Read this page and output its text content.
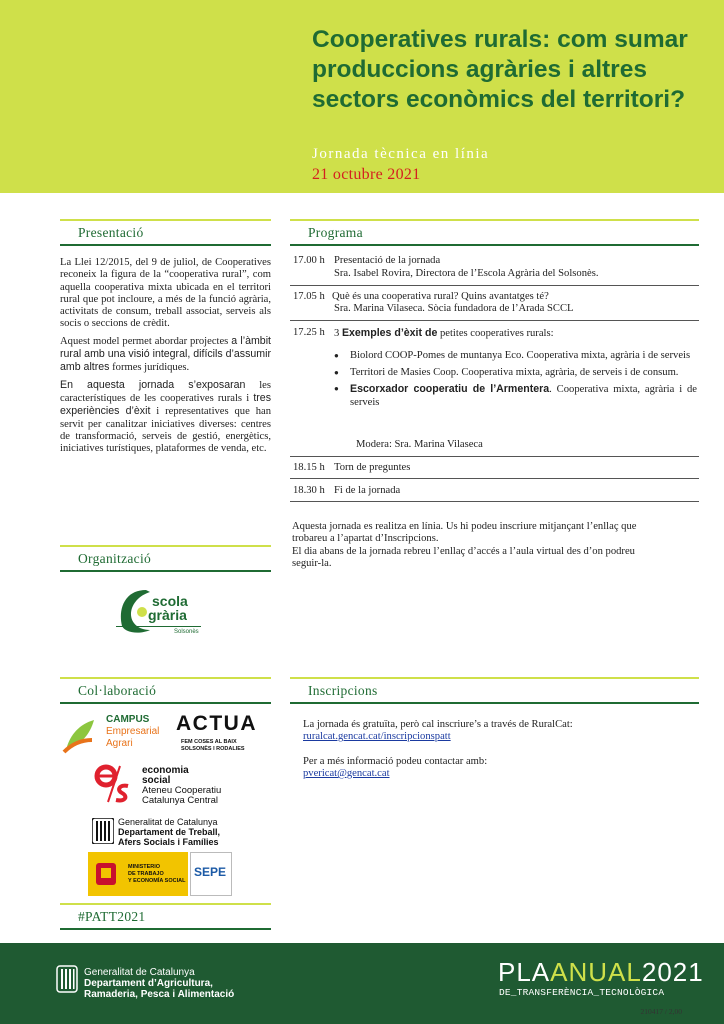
Cooperatives rurals: com sumar produccions agràries i altres sectors econòmics del territori?
Jornada tècnica en línia
21 octubre 2021
Presentació

La Llei 12/2015, del 9 de juliol, de Cooperatives reconeix la figura de la “cooperativa rural”, com aquella cooperativa mixta ubicada en el territori rural que pot incloure, a més de la funció agrària, activitats de consum, treball associat, serveis als socis o seccions de crèdit.

Aquest model permet abordar projectes a l’àmbit rural amb una visió integral, difícils d’assumir amb altres formes jurídiques.

En aquesta jornada s’exposaran les característiques de les cooperatives rurals i tres experiències d’èxit i representatives que han servit per canalitzar iniciatives diverses: centres de transformació, serveis de gestió, energètics, iniciatives turístiques, plataformes de venda, etc.

Organització
scola
grària
Solsonès
Col·laboració
CAMPUS
Empresarial
Agrari
ACTUA
FEM COSES AL BAIX
SOLSONÈS I RODALIES
economia
social
Ateneu Cooperatiu
Catalunya Central
Generalitat de Catalunya
Departament de Treball,
Afers Socials i Famílies
MINISTERIO
DE TRABAJO
Y ECONOMÍA SOCIAL
SEPE
#PATT2021
Programa
17.00 h Presentació de la jornada
Sra. Isabel Rovira, Directora de l’Escola Agrària del Solsonès.
17.05 h Què és una cooperativa rural? Quins avantatges té?
Sra. Marina Vilaseca. Sòcia fundadora de l’Arada SCCL
17.25 h 3 Exemples d’èxit de petites cooperatives rurals:
● Biolord COOP-Pomes de muntanya Eco. Cooperativa mixta, agrària i de serveis
● Territori de Masies Coop. Cooperativa mixta, agrària, de serveis i de consum.
● Escorxador cooperatiu de l’Armentera. Cooperativa mixta, agrària i de serveis
Modera: Sra. Marina Vilaseca
18.15 h Torn de preguntes
18.30 h Fi de la jornada

Aquesta jornada es realitza en línia. Us hi podeu inscriure mitjançant l’enllaç que trobareu a l’apartat d’Inscripcions.

El dia abans de la jornada rebreu l’enllaç d’accés a l’aula virtual des d’on podreu seguir-la.

Inscripcions
La jornada és gratuïta, però cal inscriure’s a través de RuralCat:
ruralcat.gencat.cat/inscripcionspatt
Per a més informació podeu contactar amb:
pvericat@gencat.cat
Generalitat de Catalunya
Departament d’Agricultura,
Ramaderia, Pesca i Alimentació
PLAANUAL2021
DE_TRANSFERÈNCIA_TECNOLÒGICA
210417 / 2,00
